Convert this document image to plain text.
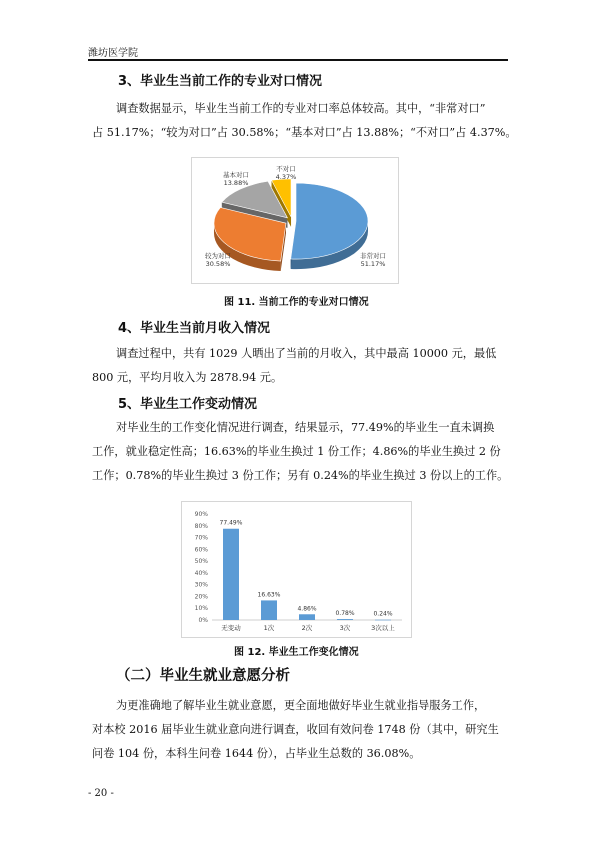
潍坊医学院
3、毕业生当前工作的专业对口情况
调查数据显示，毕业生当前工作的专业对口率总体较高。其中，“非常对口”
占 51.17%；“较为对口”占 30.58%；“基本对口”占 13.88%；“不对口”占 4.37%。
非常对口
51.17%
较为对口
30.58%
基本对口
13.88%
不对口
4.37%
图 11. 当前工作的专业对口情况
4、毕业生当前月收入情况
调查过程中，共有 1029 人晒出了当前的月收入，其中最高 10000 元，最低
800 元，平均月收入为 2878.94 元。
5、毕业生工作变动情况
对毕业生的工作变化情况进行调查，结果显示，77.49%的毕业生一直未调换
工作，就业稳定性高；16.63%的毕业生换过 1 份工作；4.86%的毕业生换过 2 份
工作；0.78%的毕业生换过 3 份工作；另有 0.24%的毕业生换过 3 份以上的工作。
0%
10%
20%
30%
40%
50%
60%
70%
80%
90%
77.49%
无变动
16.63%
1次
4.86%
2次
0.78%
3次
0.24%
3次以上
图 12. 毕业生工作变化情况
（二）毕业生就业意愿分析
为更准确地了解毕业生就业意愿，更全面地做好毕业生就业指导服务工作，
对本校 2016 届毕业生就业意向进行调查，收回有效问卷 1748 份（其中，研究生
问卷 104 份，本科生问卷 1644 份），占毕业生总数的 36.08%。
- 20 -
